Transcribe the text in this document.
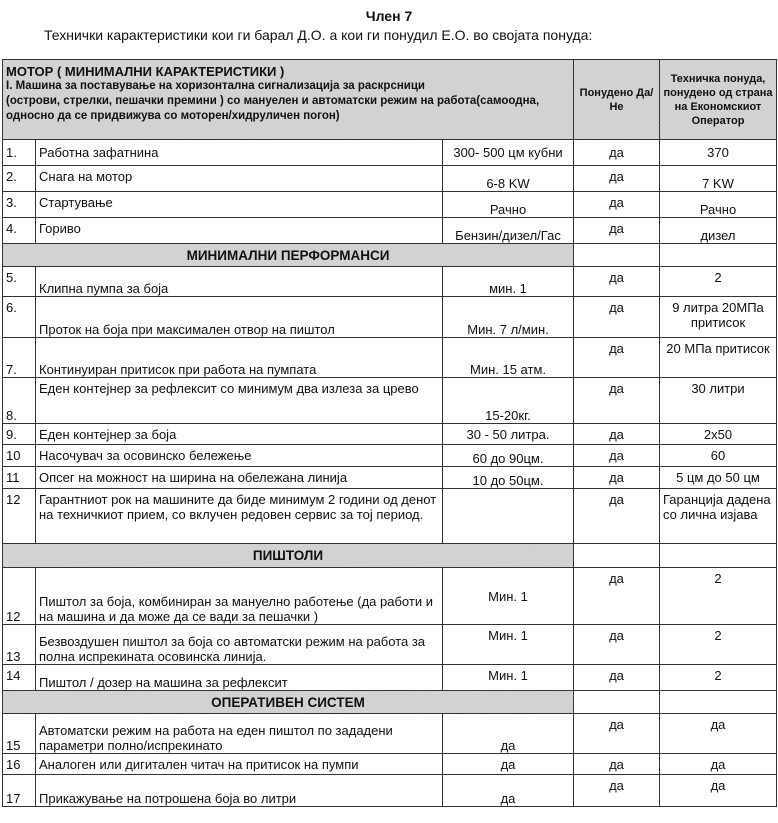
Член 7
Технички карактеристики кои ги барал Д.О. а кои ги понудил Е.О. во својата понуда:
МОТОР ( МИНИМАЛНИ КАРАКТЕРИСТИКИ )
I. Машина за поставување на хоризонтална сигнализација за раскрсници
(острови, стрелки, пешачки премини ) со мануелен и автоматски режим на работа(самоодна,
односно да се придвижува со моторен/хидруличен погон)			Понудено Да/Не	Техничка понуда, понудено од страна на Економскиот Оператор
1.	Работна зафатнина	300- 500 цм кубни	да	370
2.	Снага на мотор	6-8 KW	да	7 KW
3.	Стартување	Рачно	да	Рачно
4.	Гориво	Бензин/дизел/Гас	да	дизел
МИНИМАЛНИ ПЕРФОРМАНСИ				
5.	Клипна пумпа за боја	мин. 1	да	2
6.	Проток на боја при максимален отвор на пиштол	Мин. 7 л/мин.	да	9 литра 20МПа притисок
7.	Континуиран притисок при работа на пумпата	Мин. 15 атм.	да	20 МПа притисок
8.	Еден контејнер за рефлексит со минимум два излеза за црево	15-20кг.	да	30 литри
9.	Еден контејнер за боја	30 - 50 литра.	да	2х50
10	Насочувач за осовинско бележење	60 до 90цм.	да	60
11	Опсег на можност на ширина на обележана линија	10 до 50цм.	да	5 цм до 50 цм
12	Гарантниот рок на машините да биде минимум 2 години од денот на техничкиот прием, со вклучен редовен сервис за тој период.		да	Гаранција дадена со лична изјава
ПИШТОЛИ				
12	Пиштол за боја, комбиниран за мануелно работење (да работи и на машина и да може да се вади за пешачки )	Мин. 1	да	2
13	Безвоздушен пиштол за боја со автоматски режим на работа за полна испрекината осовинска линија.	Мин. 1	да	2
14	Пиштол / дозер на машина за рефлексит	Мин. 1	да	2
ОПЕРАТИВЕН СИСТЕМ				
15	Автоматски режим на работа на еден пиштол по зададени параметри полно/испрекинато	да	да	да
16	Аналоген или дигитален читач на притисок на пумпи	да	да	да
17	Прикажување на потрошена боја во литри	да	да	да
